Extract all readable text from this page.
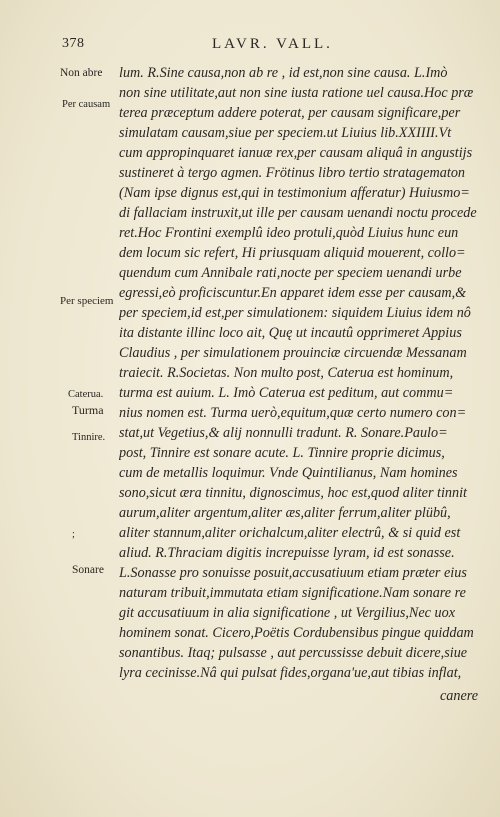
378	LAVR. VALL.
Non abre
Per causam
Per speciem
Caterua.
Turma
Tinnire.
;
Sonare
lum. R.Sine causa,non ab re , id est,non sine causa. L.Imò
non sine utilitate,aut non sine iusta ratione uel causa.Hoc præ
terea præceptum addere poterat, per causam significare,per
simulatam causam,siue per speciem.ut Liuius lib.XXIIII.Vt
cum appropinquaret ianuæ rex,per causam aliquâ in angustijs
sustineret à tergo agmen. Frötinus libro tertio stratagematon
(Nam ipse dignus est,qui in testimonium afferatur) Huiusmo=
di fallaciam instruxit,ut ille per causam uenandi noctu procede
ret.Hoc Frontini exemplû ideo protuli,quòd Liuius hunc eun
dem locum sic refert, Hi priusquam aliquid mouerent, collo=
quendum cum Annibale rati,nocte per speciem uenandi urbe
egressi,eò proficiscuntur.En apparet idem esse per causam,&
per speciem,id est,per simulationem: siquidem Liuius idem nô
ita distante illinc loco ait, Quę ut incautû opprimeret Appius
Claudius , per simulationem prouinciæ circuendæ Messanam
traiecit. R.Societas. Non multo post, Caterua est hominum,
turma est auium. L. Imò Caterua est peditum, aut commu=
nius nomen est. Turma uerò,equitum,quæ certo numero con=
stat,ut Vegetius,& alij nonnulli tradunt. R. Sonare.Paulo=
post, Tinnire est sonare acute. L. Tinnire proprie dicimus,
cum de metallis loquimur. Vnde Quintilianus, Nam homines
sono,sicut æra tinnitu, dignoscimus, hoc est,quod aliter tinnit
aurum,aliter argentum,aliter æs,aliter ferrum,aliter plübû,
aliter stannum,aliter orichalcum,aliter electrû, & si quid est
aliud. R.Thraciam digitis increpuisse lyram, id est sonasse.
L.Sonasse pro sonuisse posuit,accusatiuum etiam præter eius
naturam tribuit,immutata etiam significatione.Nam sonare re
git accusatiuum in alia significatione , ut Vergilius,Nec uox
hominem sonat. Cicero,Poëtis Cordubensibus pingue quiddam
sonantibus. Itaq; pulsasse , aut percussisse debuit dicere,siue
lyra cecinisse.Nâ qui pulsat fides,organa'ue,aut tibias inflat,
canere
